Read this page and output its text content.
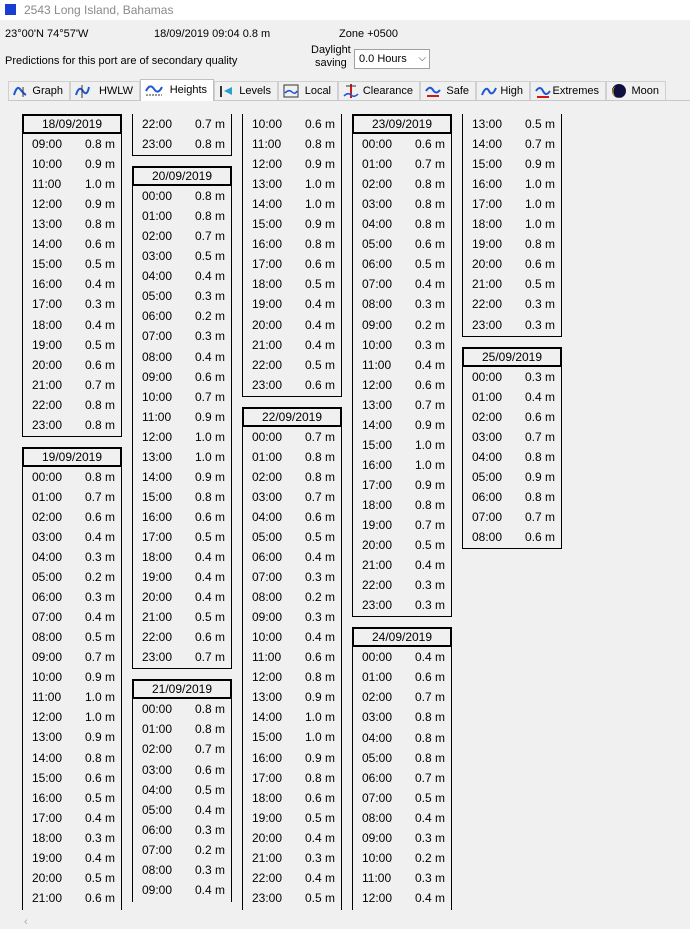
2543 Long Island, Bahamas
23°00'N 74°57'W	18/09/2019 09:04 0.8 m	Zone +0500
Predictions for this port are of secondary quality
Daylight
saving	0.0 Hours ⌵
Graph	HWLW	Heights	Levels	Local	Clearance	Safe	High	Extremes	Moon
18/09/2019
09:00 0.8 m
10:00 0.9 m
11:00 1.0 m
12:00 0.9 m
13:00 0.8 m
14:00 0.6 m
15:00 0.5 m
16:00 0.4 m
17:00 0.3 m
18:00 0.4 m
19:00 0.5 m
20:00 0.6 m
21:00 0.7 m
22:00 0.8 m
23:00 0.8 m
19/09/2019
00:00 0.8 m
01:00 0.7 m
02:00 0.6 m
03:00 0.4 m
04:00 0.3 m
05:00 0.2 m
06:00 0.3 m
07:00 0.4 m
08:00 0.5 m
09:00 0.7 m
10:00 0.9 m
11:00 1.0 m
12:00 1.0 m
13:00 0.9 m
14:00 0.8 m
15:00 0.6 m
16:00 0.5 m
17:00 0.4 m
18:00 0.3 m
19:00 0.4 m
20:00 0.5 m
21:00 0.6 m
22:00 0.7 m
23:00 0.8 m
20/09/2019
00:00 0.8 m
01:00 0.8 m
02:00 0.7 m
03:00 0.5 m
04:00 0.4 m
05:00 0.3 m
06:00 0.2 m
07:00 0.3 m
08:00 0.4 m
09:00 0.6 m
10:00 0.7 m
11:00 0.9 m
12:00 1.0 m
13:00 1.0 m
14:00 0.9 m
15:00 0.8 m
16:00 0.6 m
17:00 0.5 m
18:00 0.4 m
19:00 0.4 m
20:00 0.4 m
21:00 0.5 m
22:00 0.6 m
23:00 0.7 m
21/09/2019
00:00 0.8 m
01:00 0.8 m
02:00 0.7 m
03:00 0.6 m
04:00 0.5 m
05:00 0.4 m
06:00 0.3 m
07:00 0.2 m
08:00 0.3 m
09:00 0.4 m
10:00 0.6 m
11:00 0.8 m
12:00 0.9 m
13:00 1.0 m
14:00 1.0 m
15:00 0.9 m
16:00 0.8 m
17:00 0.6 m
18:00 0.5 m
19:00 0.4 m
20:00 0.4 m
21:00 0.4 m
22:00 0.5 m
23:00 0.6 m
22/09/2019
00:00 0.7 m
01:00 0.8 m
02:00 0.8 m
03:00 0.7 m
04:00 0.6 m
05:00 0.5 m
06:00 0.4 m
07:00 0.3 m
08:00 0.2 m
09:00 0.3 m
10:00 0.4 m
11:00 0.6 m
12:00 0.8 m
13:00 0.9 m
14:00 1.0 m
15:00 1.0 m
16:00 0.9 m
17:00 0.8 m
18:00 0.6 m
19:00 0.5 m
20:00 0.4 m
21:00 0.3 m
22:00 0.4 m
23:00 0.5 m
23/09/2019
00:00 0.6 m
01:00 0.7 m
02:00 0.8 m
03:00 0.8 m
04:00 0.8 m
05:00 0.6 m
06:00 0.5 m
07:00 0.4 m
08:00 0.3 m
09:00 0.2 m
10:00 0.3 m
11:00 0.4 m
12:00 0.6 m
13:00 0.7 m
14:00 0.9 m
15:00 1.0 m
16:00 1.0 m
17:00 0.9 m
18:00 0.8 m
19:00 0.7 m
20:00 0.5 m
21:00 0.4 m
22:00 0.3 m
23:00 0.3 m
24/09/2019
00:00 0.4 m
01:00 0.6 m
02:00 0.7 m
03:00 0.8 m
04:00 0.8 m
05:00 0.8 m
06:00 0.7 m
07:00 0.5 m
08:00 0.4 m
09:00 0.3 m
10:00 0.2 m
11:00 0.3 m
12:00 0.4 m
13:00 0.5 m
14:00 0.7 m
15:00 0.9 m
16:00 1.0 m
17:00 1.0 m
18:00 1.0 m
19:00 0.8 m
20:00 0.6 m
21:00 0.5 m
22:00 0.3 m
23:00 0.3 m
25/09/2019
00:00 0.3 m
01:00 0.4 m
02:00 0.6 m
03:00 0.7 m
04:00 0.8 m
05:00 0.9 m
06:00 0.8 m
07:00 0.7 m
08:00 0.6 m
‹
